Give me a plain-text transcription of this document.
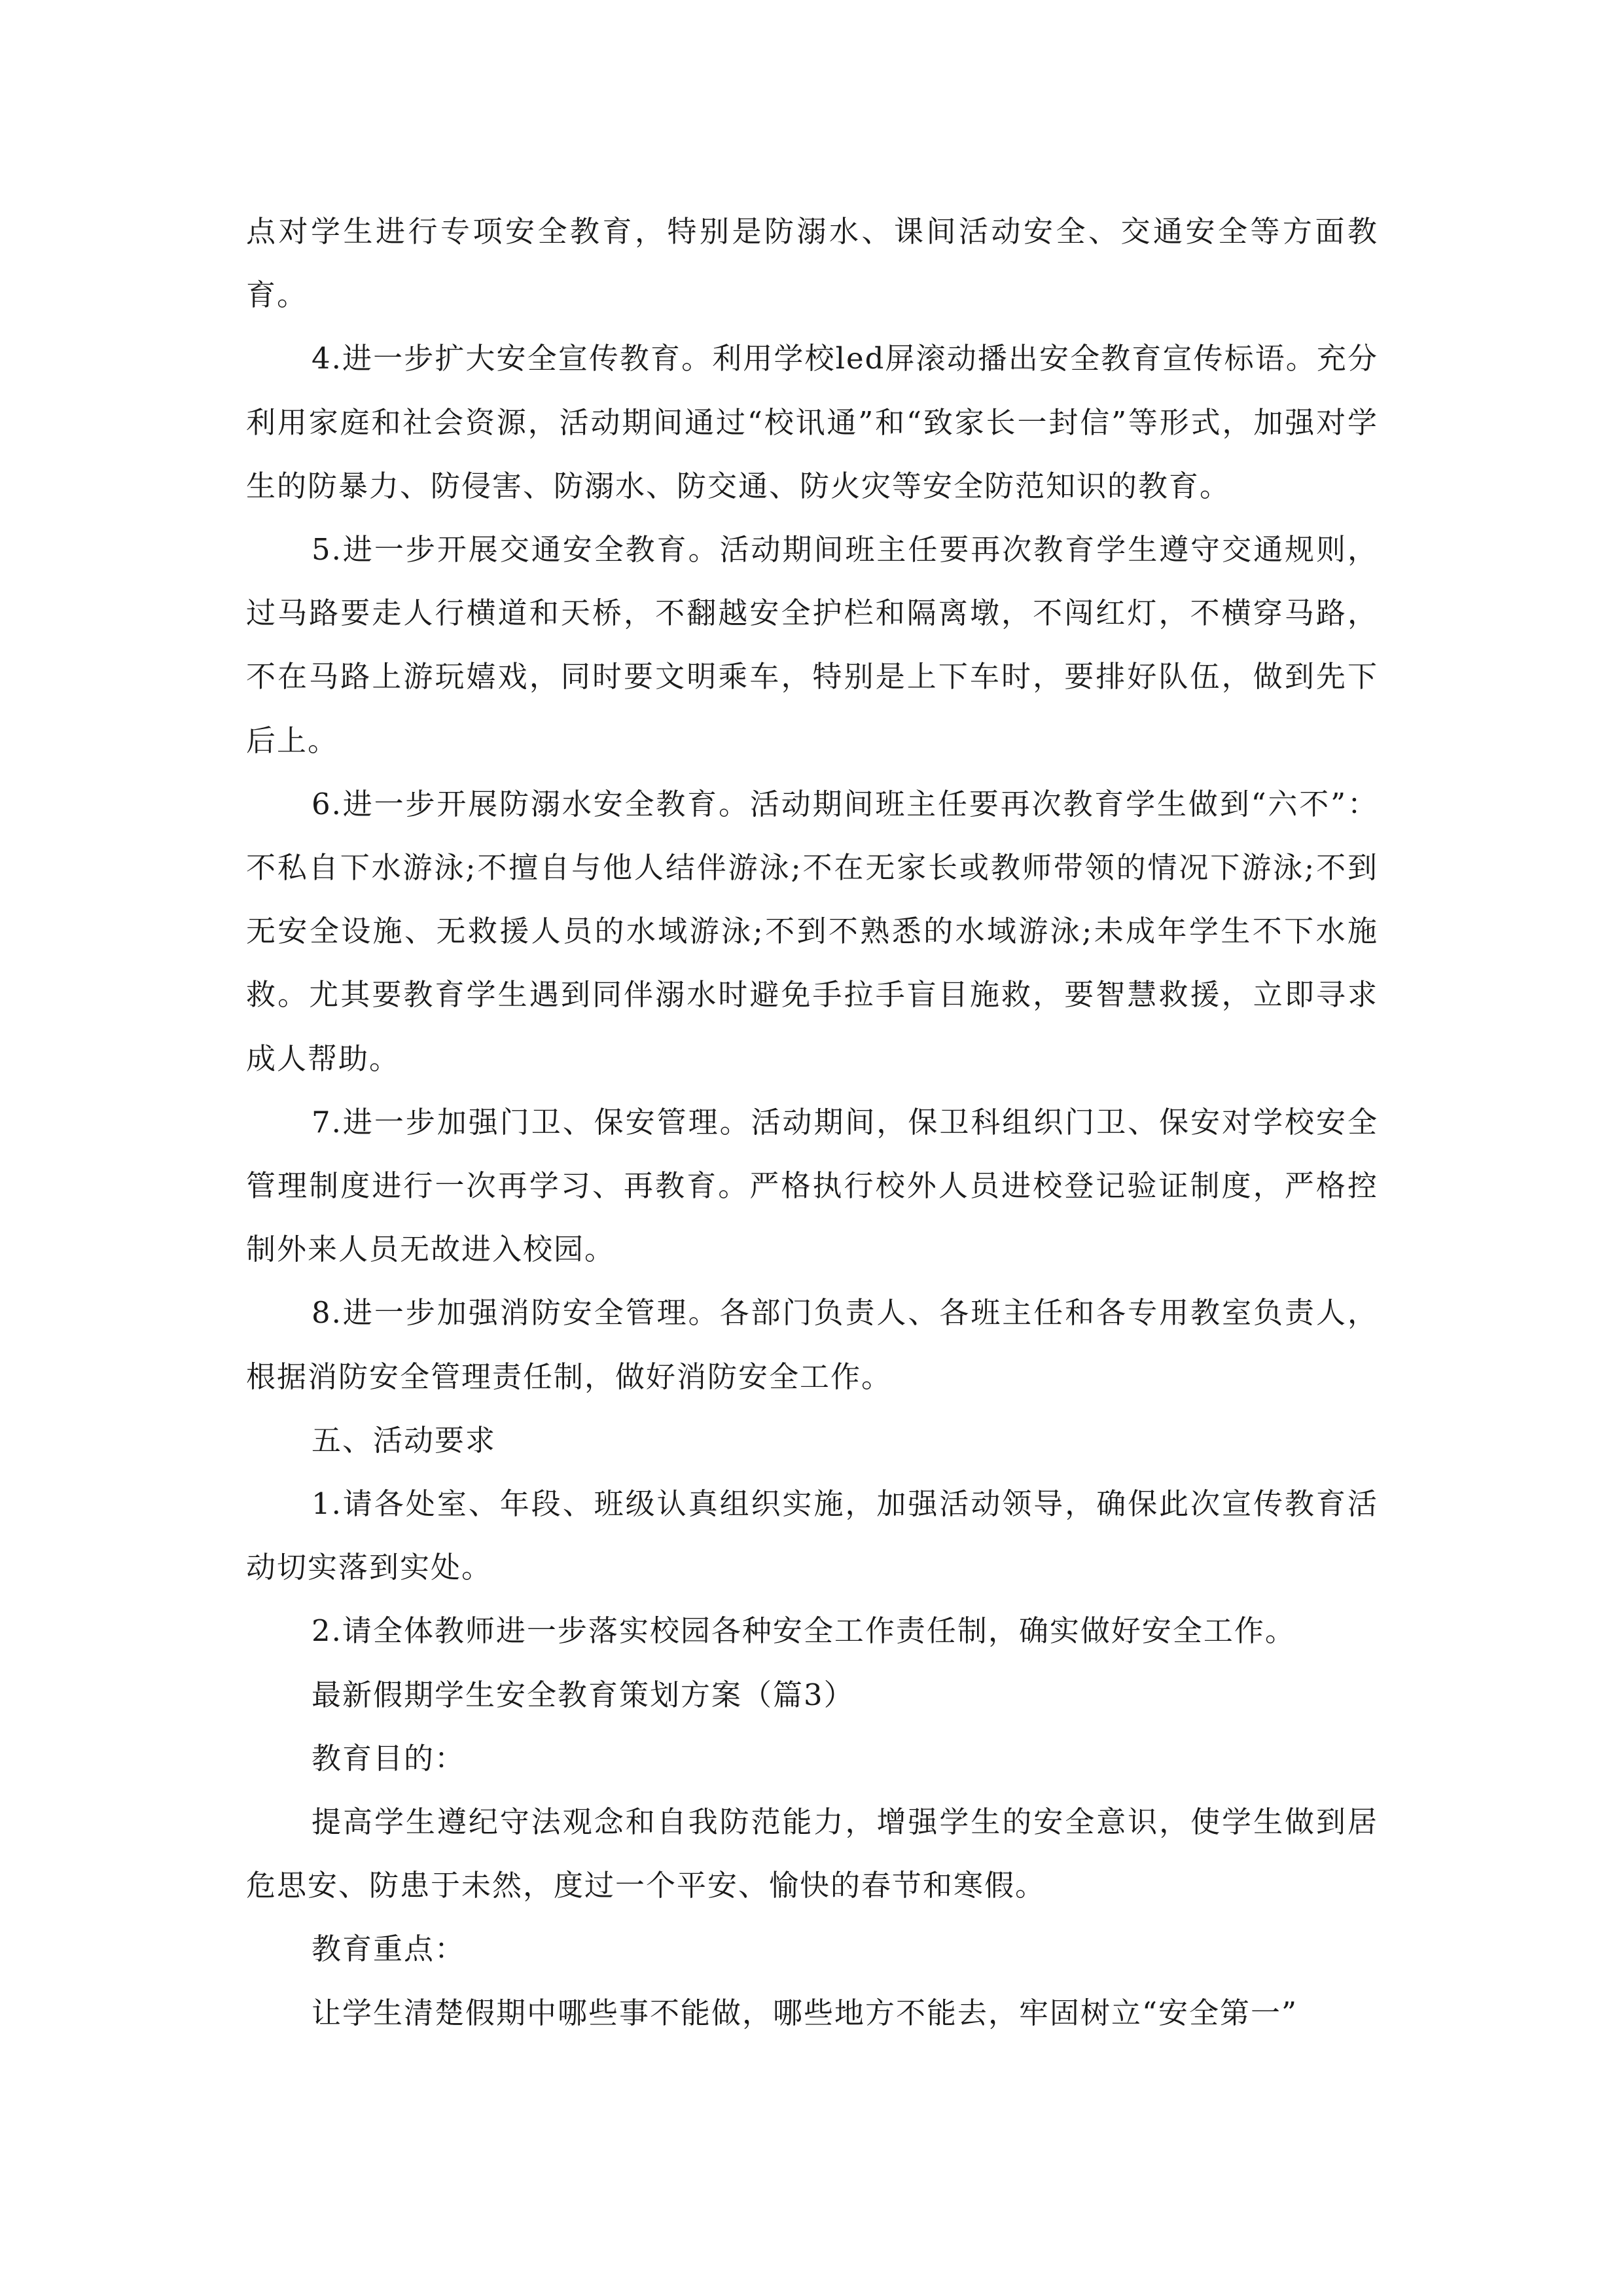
点对学生进行专项安全教育，特别是防溺水、课间活动安全、交通安全等方面教育。

4.进一步扩大安全宣传教育。利用学校led屏滚动播出安全教育宣传标语。充分利用家庭和社会资源，活动期间通过“校讯通”和“致家长一封信”等形式，加强对学生的防暴力、防侵害、防溺水、防交通、防火灾等安全防范知识的教育。

5.进一步开展交通安全教育。活动期间班主任要再次教育学生遵守交通规则，过马路要走人行横道和天桥，不翻越安全护栏和隔离墩，不闯红灯，不横穿马路，不在马路上游玩嬉戏，同时要文明乘车，特别是上下车时，要排好队伍，做到先下后上。

6.进一步开展防溺水安全教育。活动期间班主任要再次教育学生做到“六不”：不私自下水游泳;不擅自与他人结伴游泳;不在无家长或教师带领的情况下游泳;不到无安全设施、无救援人员的水域游泳;不到不熟悉的水域游泳;未成年学生不下水施救。尤其要教育学生遇到同伴溺水时避免手拉手盲目施救，要智慧救援，立即寻求成人帮助。

7.进一步加强门卫、保安管理。活动期间，保卫科组织门卫、保安对学校安全管理制度进行一次再学习、再教育。严格执行校外人员进校登记验证制度，严格控制外来人员无故进入校园。

8.进一步加强消防安全管理。各部门负责人、各班主任和各专用教室负责人，根据消防安全管理责任制，做好消防安全工作。

五、活动要求

1.请各处室、年段、班级认真组织实施，加强活动领导，确保此次宣传教育活动切实落到实处。

2.请全体教师进一步落实校园各种安全工作责任制，确实做好安全工作。

最新假期学生安全教育策划方案（篇3）

教育目的：

提高学生遵纪守法观念和自我防范能力，增强学生的安全意识，使学生做到居危思安、防患于未然，度过一个平安、愉快的春节和寒假。

教育重点：

让学生清楚假期中哪些事不能做，哪些地方不能去，牢固树立“安全第一”
